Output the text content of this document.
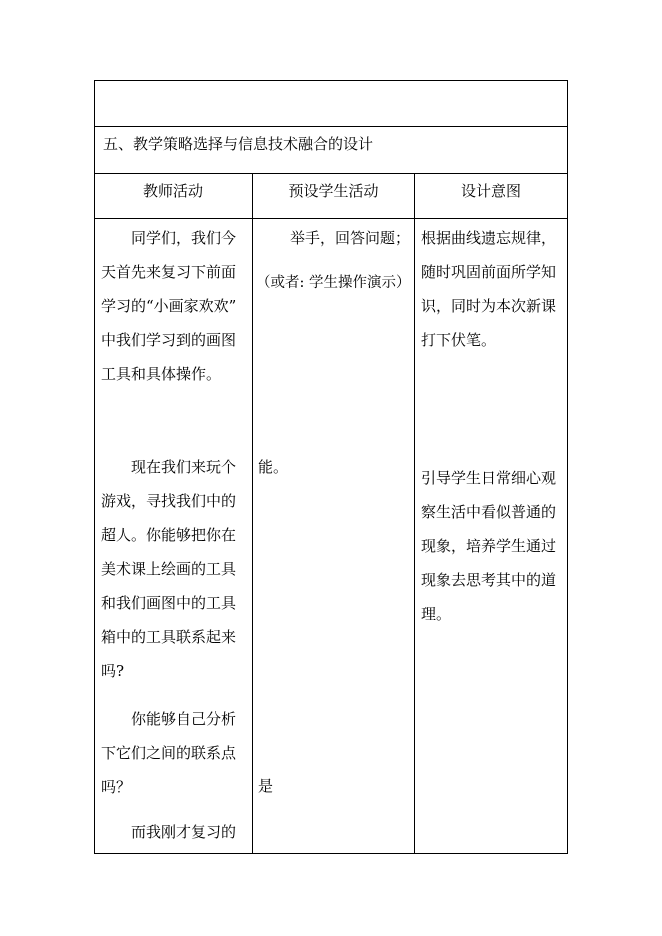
五、教学策略选择与信息技术融合的设计
教师活动	预设学生活动	设计意图
同学们，我们今
天首先来复习下前面
学习的“小画家欢欢”
中我们学习到的画图
工具和具体操作。
现在我们来玩个
游戏，寻找我们中的
超人。你能够把你在
美术课上绘画的工具
和我们画图中的工具
箱中的工具联系起来
吗?
你能够自己分析
下它们之间的联系点
吗？
而我刚才复习的
举手，回答问题；
（或者: 学生操作演示）
能。
是
根据曲线遗忘规律，
随时巩固前面所学知
识，同时为本次新课
打下伏笔。
引导学生日常细心观
察生活中看似普通的
现象，培养学生通过
现象去思考其中的道
理。
